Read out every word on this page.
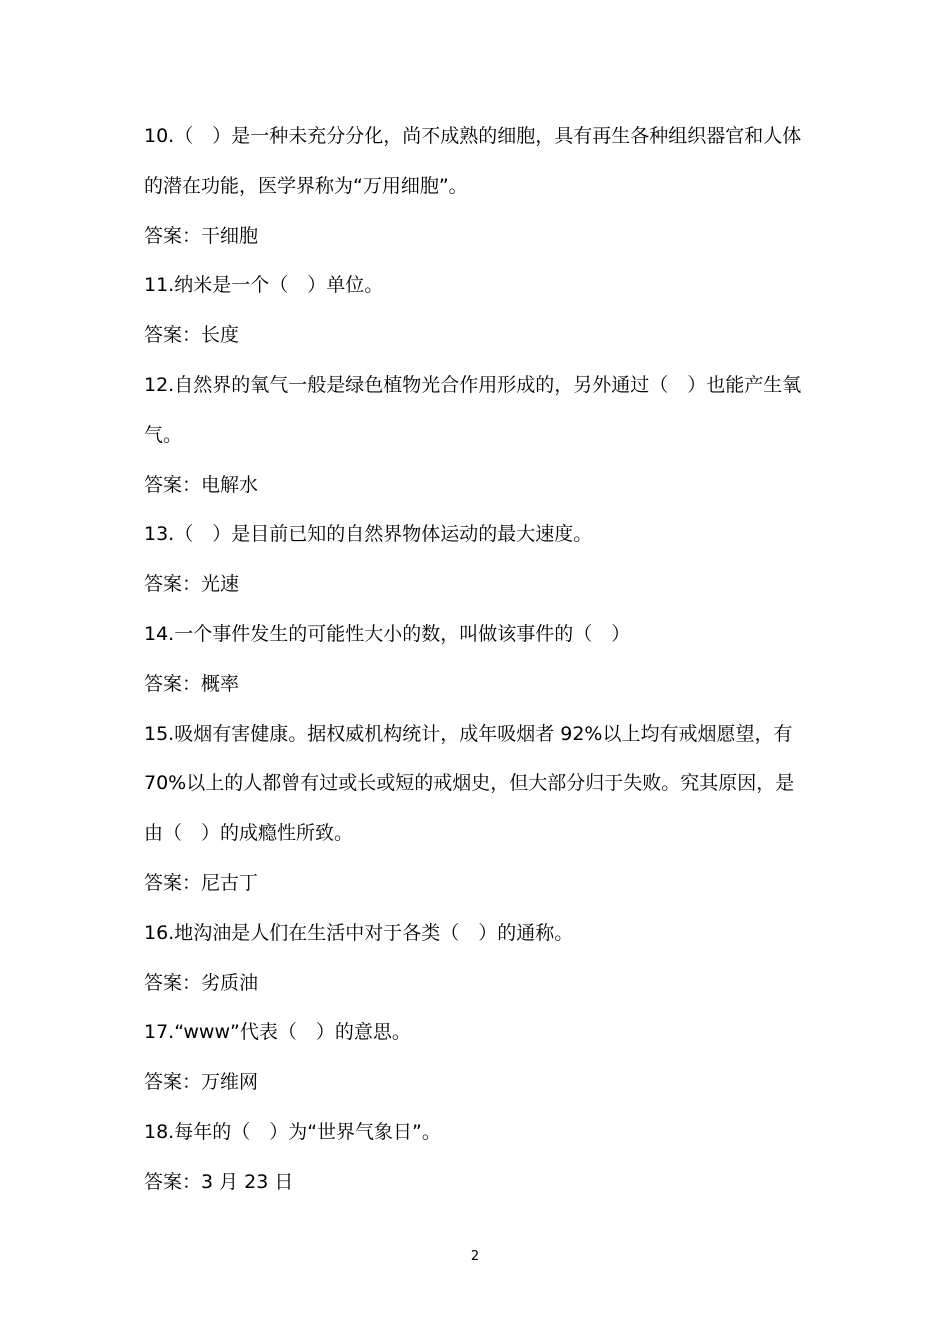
10.（　）是一种未充分分化，尚不成熟的细胞，具有再生各种组织器官和人体
的潜在功能，医学界称为“万用细胞”。
答案：干细胞
11.纳米是一个（　）单位。
答案：长度
12.自然界的氧气一般是绿色植物光合作用形成的，另外通过（　）也能产生氧
气。
答案：电解水
13.（　）是目前已知的自然界物体运动的最大速度。
答案：光速
14.一个事件发生的可能性大小的数，叫做该事件的（　）
答案：概率
15.吸烟有害健康。据权威机构统计，成年吸烟者 92%以上均有戒烟愿望，有
70%以上的人都曾有过或长或短的戒烟史，但大部分归于失败。究其原因，是
由（　）的成瘾性所致。
答案：尼古丁
16.地沟油是人们在生活中对于各类（　）的通称。
答案：劣质油
17.“www”代表（　）的意思。
答案：万维网
18.每年的（　）为“世界气象日”。
答案：3 月 23 日
2
